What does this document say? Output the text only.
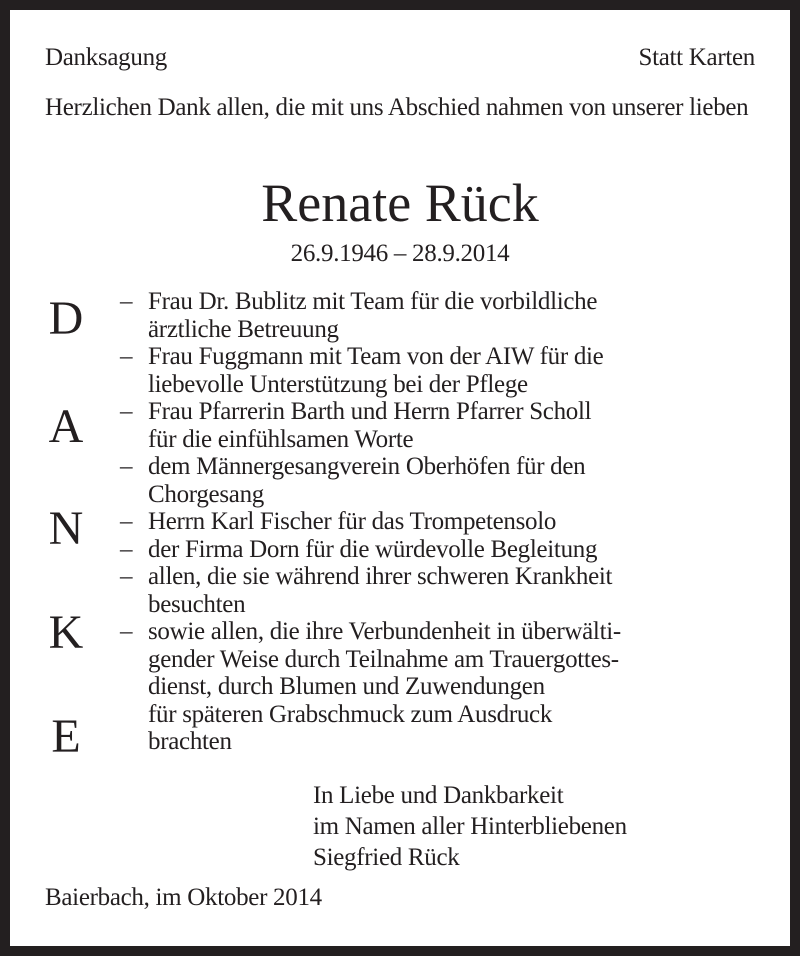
Danksagung	Statt Karten
Herzlichen Dank allen, die mit uns Abschied nahmen von unserer lieben
Renate Rück
26.9.1946 – 28.9.2014
D
A
N
K
E
– Frau Dr. Bublitz mit Team für die vorbildliche
ärztliche Betreuung
– Frau Fuggmann mit Team von der AIW für die
liebevolle Unterstützung bei der Pflege
– Frau Pfarrerin Barth und Herrn Pfarrer Scholl
für die einfühlsamen Worte
– dem Männergesangverein Oberhöfen für den
Chorgesang
– Herrn Karl Fischer für das Trompetensolo
– der Firma Dorn für die würdevolle Begleitung
– allen, die sie während ihrer schweren Krankheit
besuchten
– sowie allen, die ihre Verbundenheit in überwälti-
gender Weise durch Teilnahme am Trauergottes-
dienst, durch Blumen und Zuwendungen
für späteren Grabschmuck zum Ausdruck
brachten
In Liebe und Dankbarkeit
im Namen aller Hinterbliebenen
Siegfried Rück
Baierbach, im Oktober 2014
